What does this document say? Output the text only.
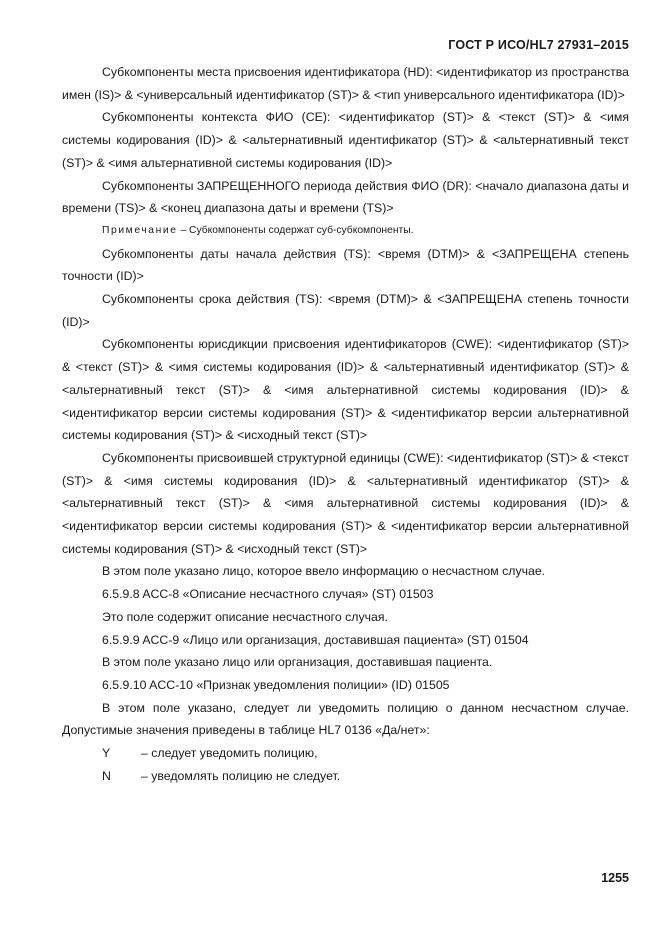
ГОСТ Р ИСО/HL7 27931–2015

Субкомпоненты места присвоения идентификатора (HD): <идентификатор из пространства имен (IS)> & <универсальный идентификатор (ST)> & <тип универсального идентификатора (ID)>

Субкомпоненты контекста ФИО (CE): <идентификатор (ST)> & <текст (ST)> & <имя системы кодирования (ID)> & <альтернативный идентификатор (ST)> & <альтернативный текст (ST)> & <имя альтернативной системы кодирования (ID)>

Субкомпоненты ЗАПРЕЩЕННОГО периода действия ФИО (DR): <начало диапазона даты и времени (TS)> & <конец диапазона даты и времени (TS)>

Примечание – Субкомпоненты содержат суб-субкомпоненты.

Субкомпоненты даты начала действия (TS): <время (DTM)> & <ЗАПРЕЩЕНА степень точности (ID)>

Субкомпоненты срока действия (TS): <время (DTM)> & <ЗАПРЕЩЕНА степень точности (ID)>

Субкомпоненты юрисдикции присвоения идентификаторов (CWE): <идентификатор (ST)> & <текст (ST)> & <имя системы кодирования (ID)> & <альтернативный идентификатор (ST)> & <альтернативный текст (ST)> & <имя альтернативной системы кодирования (ID)> & <идентификатор версии системы кодирования (ST)> & <идентификатор версии альтернативной системы кодирования (ST)> & <исходный текст (ST)>

Субкомпоненты присвоившей структурной единицы (CWE): <идентификатор (ST)> & <текст (ST)> & <имя системы кодирования (ID)> & <альтернативный идентификатор (ST)> & <альтернативный текст (ST)> & <имя альтернативной системы кодирования (ID)> & <идентификатор версии системы кодирования (ST)> & <идентификатор версии альтернативной системы кодирования (ST)> & <исходный текст (ST)>

В этом поле указано лицо, которое ввело информацию о несчастном случае.

6.5.9.8 ACC-8 «Описание несчастного случая» (ST) 01503

Это поле содержит описание несчастного случая.

6.5.9.9 ACC-9 «Лицо или организация, доставившая пациента» (ST) 01504

В этом поле указано лицо или организация, доставившая пациента.

6.5.9.10 ACC-10 «Признак уведомления полиции» (ID) 01505

В этом поле указано, следует ли уведомить полицию о данном несчастном случае. Допустимые значения приведены в таблице HL7 0136 «Да/нет»:

Y	– следует уведомить полицию,
N	– уведомлять полицию не следует.
1255
